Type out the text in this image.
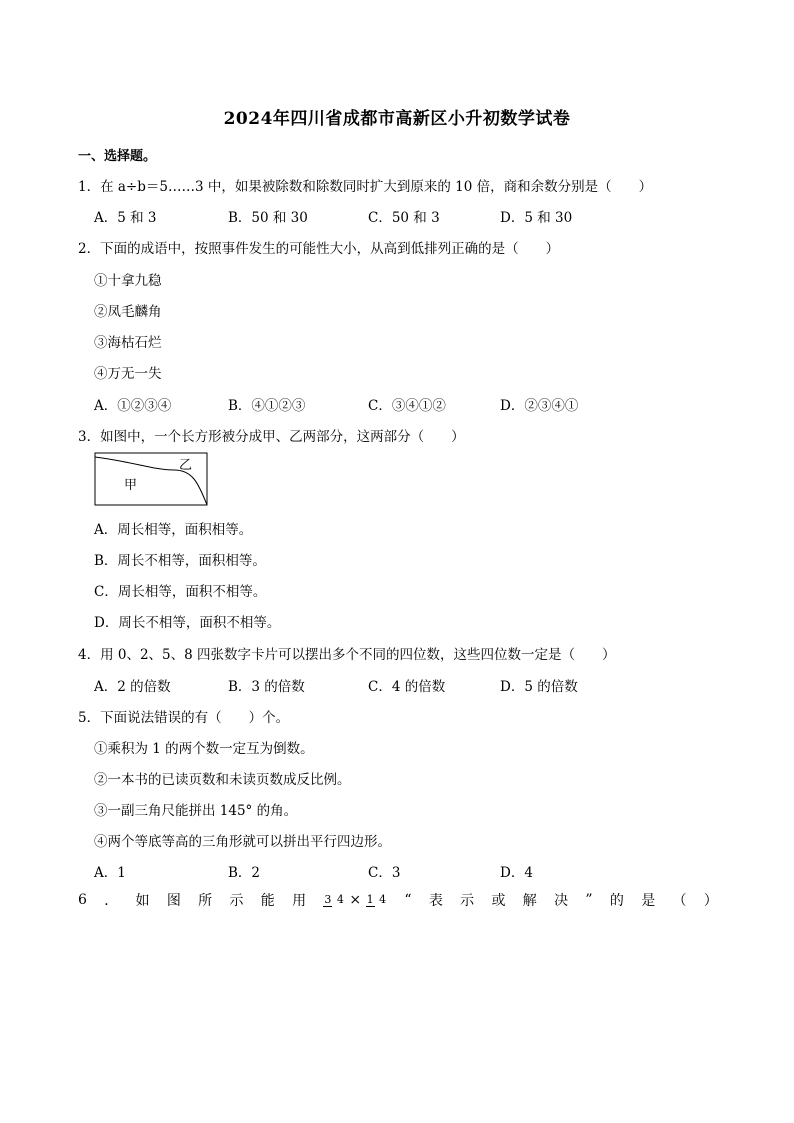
2024年四川省成都市高新区小升初数学试卷
一、选择题。
1．在 a÷b＝5……3 中，如果被除数和除数同时扩大到原来的 10 倍，商和余数分别是（　　）
A．5 和 3	B．50 和 30	C．50 和 3	D．5 和 30
2．下面的成语中，按照事件发生的可能性大小，从高到低排列正确的是（　　）
①十拿九稳
②凤毛麟角
③海枯石烂
④万无一失
A．①②③④	B．④①②③	C．③④①②	D．②③④①
3．如图中，一个长方形被分成甲、乙两部分，这两部分（　　）
甲
乙
A．周长相等，面积相等。
B．周长不相等，面积相等。
C．周长相等，面积不相等。
D．周长不相等，面积不相等。
4．用 0、2、5、8 四张数字卡片可以摆出多个不同的四位数，这些四位数一定是（　　）
A．2 的倍数	B．3 的倍数	C．4 的倍数	D．5 的倍数
5．下面说法错误的有（　　）个。
①乘积为 1 的两个数一定互为倒数。
②一本书的已读页数和未读页数成反比例。
③一副三角尺能拼出 145° 的角。
④两个等底等高的三角形就可以拼出平行四边形。
A．1	B．2	C．3	D．4
6 ． 如 图 所 示 能 用 3 4 × 1 4 “ 表 示 或 解 决 ” 的 是 （ ）
